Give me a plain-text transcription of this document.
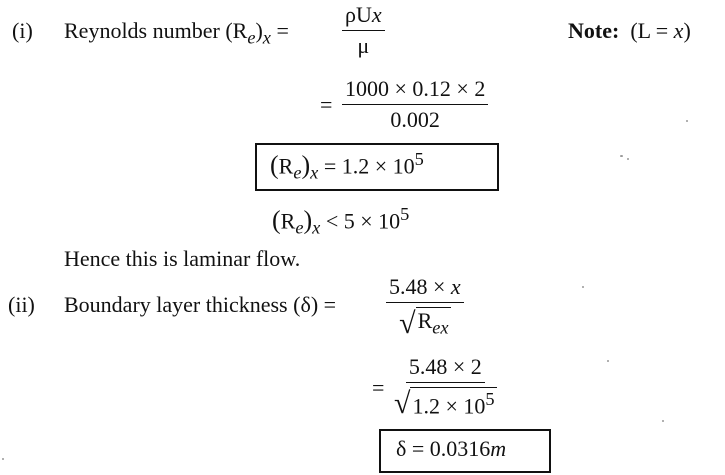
(i) Reynolds number $(R_e)_x$ =
ρUx
μ
Note: (L = x)
= $\frac{1000 \times 0.12 \times 2}{0.002}$
$(R_e)_x = 1.2 \times 10^5$
$(R_e)_x < 5 \times 10^5$
Hence this is laminar flow.
(ii) Boundary layer thickness (δ) =
5.48 × x
√ $R_{ex}$
= $\frac{5.48 \times 2}{√ 1.2 \times 10^5}$
δ = 0.0316m
